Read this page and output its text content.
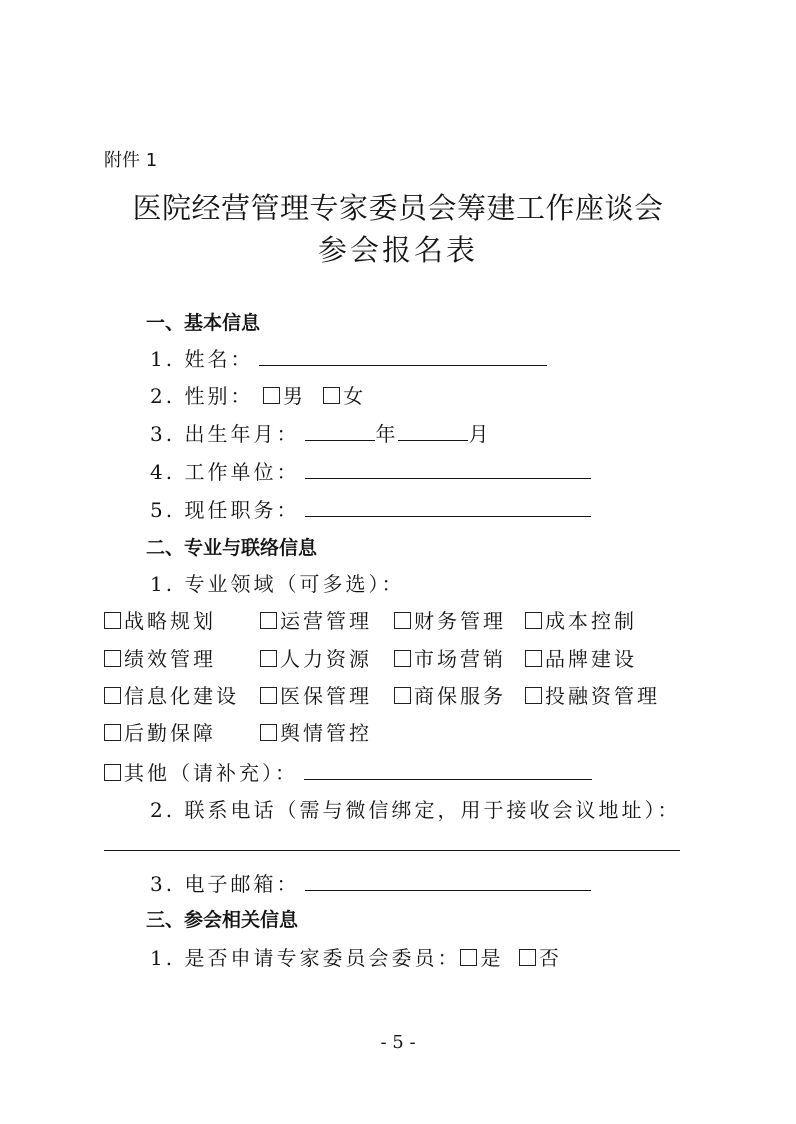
附件 1
医院经营管理专家委员会筹建工作座谈会
参会报名表
一、基本信息
1. 姓名：
2. 性别： 男 女
3. 出生年月：	年	月
4. 工作单位：
5. 现任职务：
二、专业与联络信息
1. 专业领域（可多选）：
战略规划	运营管理	财务管理	成本控制
绩效管理	人力资源	市场营销	品牌建设
信息化建设	医保管理	商保服务	投融资管理
后勤保障	舆情管控
其他（请补充）：
2. 联系电话（需与微信绑定，用于接收会议地址）：
3. 电子邮箱：
三、参会相关信息
1. 是否申请专家委员会委员： 是 否
- 5 -
